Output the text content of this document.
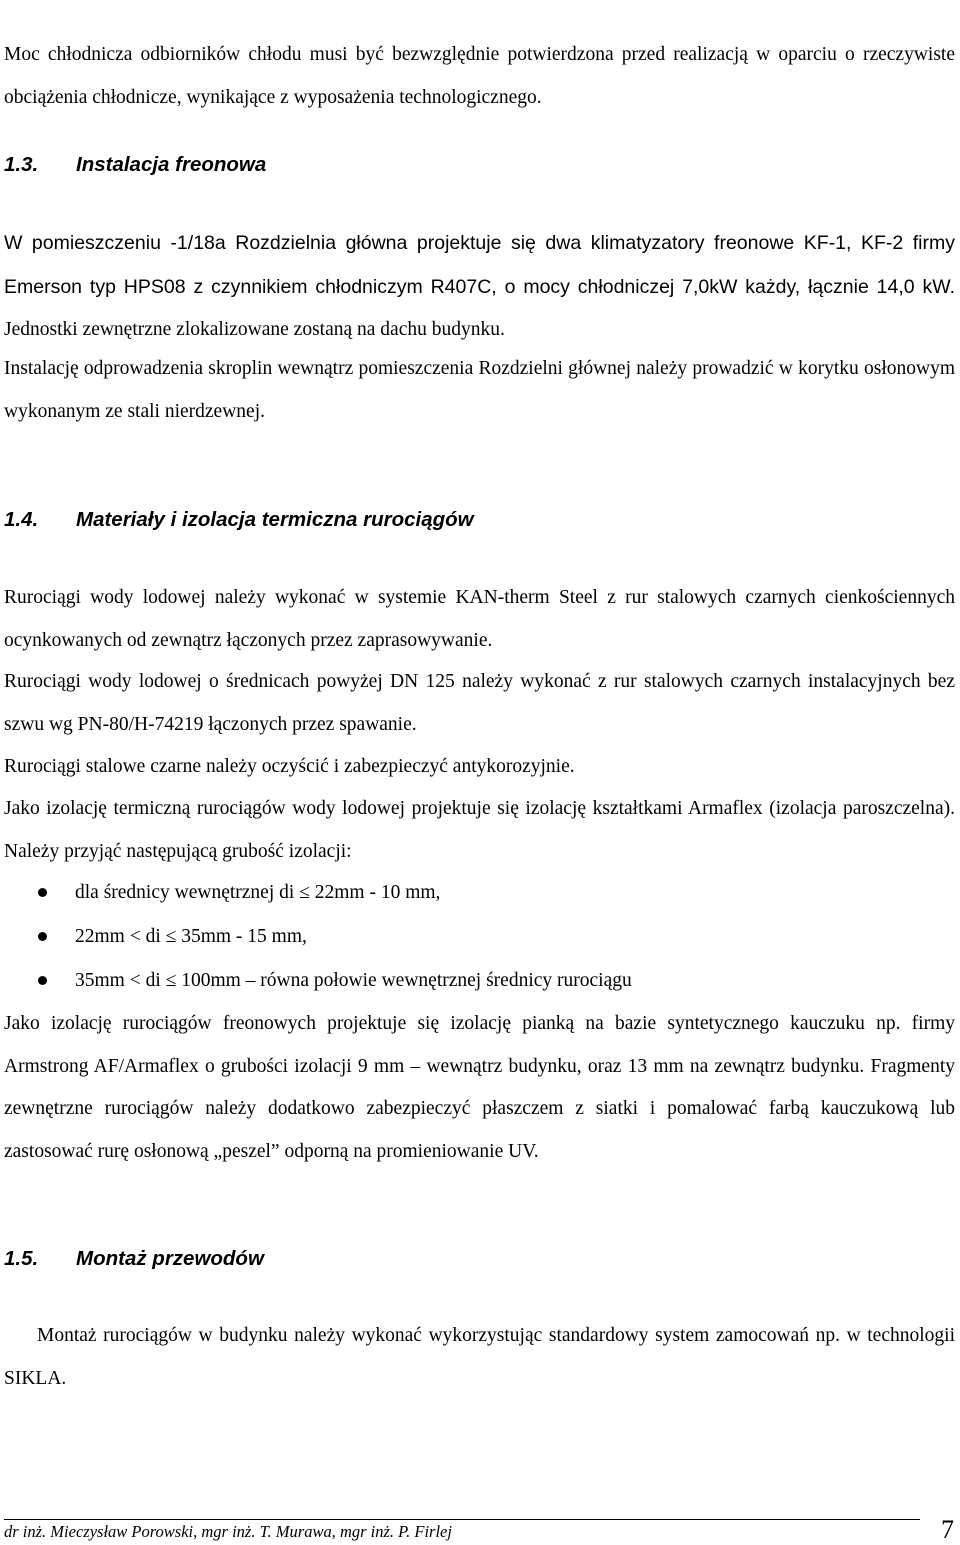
Moc chłodnicza odbiorników chłodu musi być bezwzględnie potwierdzona przed realizacją w oparciu o rzeczywiste obciążenia chłodnicze, wynikające z wyposażenia technologicznego.

1.3. Instalacja freonowa

W pomieszczeniu -1/18a Rozdzielnia główna projektuje się dwa klimatyzatory freonowe KF-1, KF-2 firmy Emerson typ HPS08 z czynnikiem chłodniczym R407C, o mocy chłodniczej 7,0kW każdy, łącznie 14,0 kW. Jednostki zewnętrzne zlokalizowane zostaną na dachu budynku.

Instalację odprowadzenia skroplin wewnątrz pomieszczenia Rozdzielni głównej należy prowadzić w korytku osłonowym wykonanym ze stali nierdzewnej.

1.4. Materiały i izolacja termiczna rurociągów

Rurociągi wody lodowej należy wykonać w systemie KAN-therm Steel z rur stalowych czarnych cienkościennych ocynkowanych od zewnątrz łączonych przez zaprasowywanie.

Rurociągi wody lodowej o średnicach powyżej DN 125 należy wykonać z rur stalowych czarnych instalacyjnych bez szwu wg PN-80/H-74219 łączonych przez spawanie.

Rurociągi stalowe czarne należy oczyścić i zabezpieczyć antykorozyjnie.

Jako izolację termiczną rurociągów wody lodowej projektuje się izolację kształtkami Armaflex (izolacja paroszczelna). Należy przyjąć następującą grubość izolacji:

dla średnicy wewnętrznej di ≤ 22mm - 10 mm,
22mm < di ≤ 35mm - 15 mm,
35mm < di ≤ 100mm – równa połowie wewnętrznej średnicy rurociągu

Jako izolację rurociągów freonowych projektuje się izolację pianką na bazie syntetycznego kauczuku np. firmy Armstrong AF/Armaflex o grubości izolacji 9 mm – wewnątrz budynku, oraz 13 mm na zewnątrz budynku. Fragmenty zewnętrzne rurociągów należy dodatkowo zabezpieczyć płaszczem z siatki i pomalować farbą kauczukową lub zastosować rurę osłonową „peszel” odporną na promieniowanie UV.

1.5. Montaż przewodów

Montaż rurociągów w budynku należy wykonać wykorzystując standardowy system zamocowań np. w technologii SIKLA.

dr inż. Mieczysław Porowski, mgr inż. T. Murawa, mgr inż. P. Firlej	7
